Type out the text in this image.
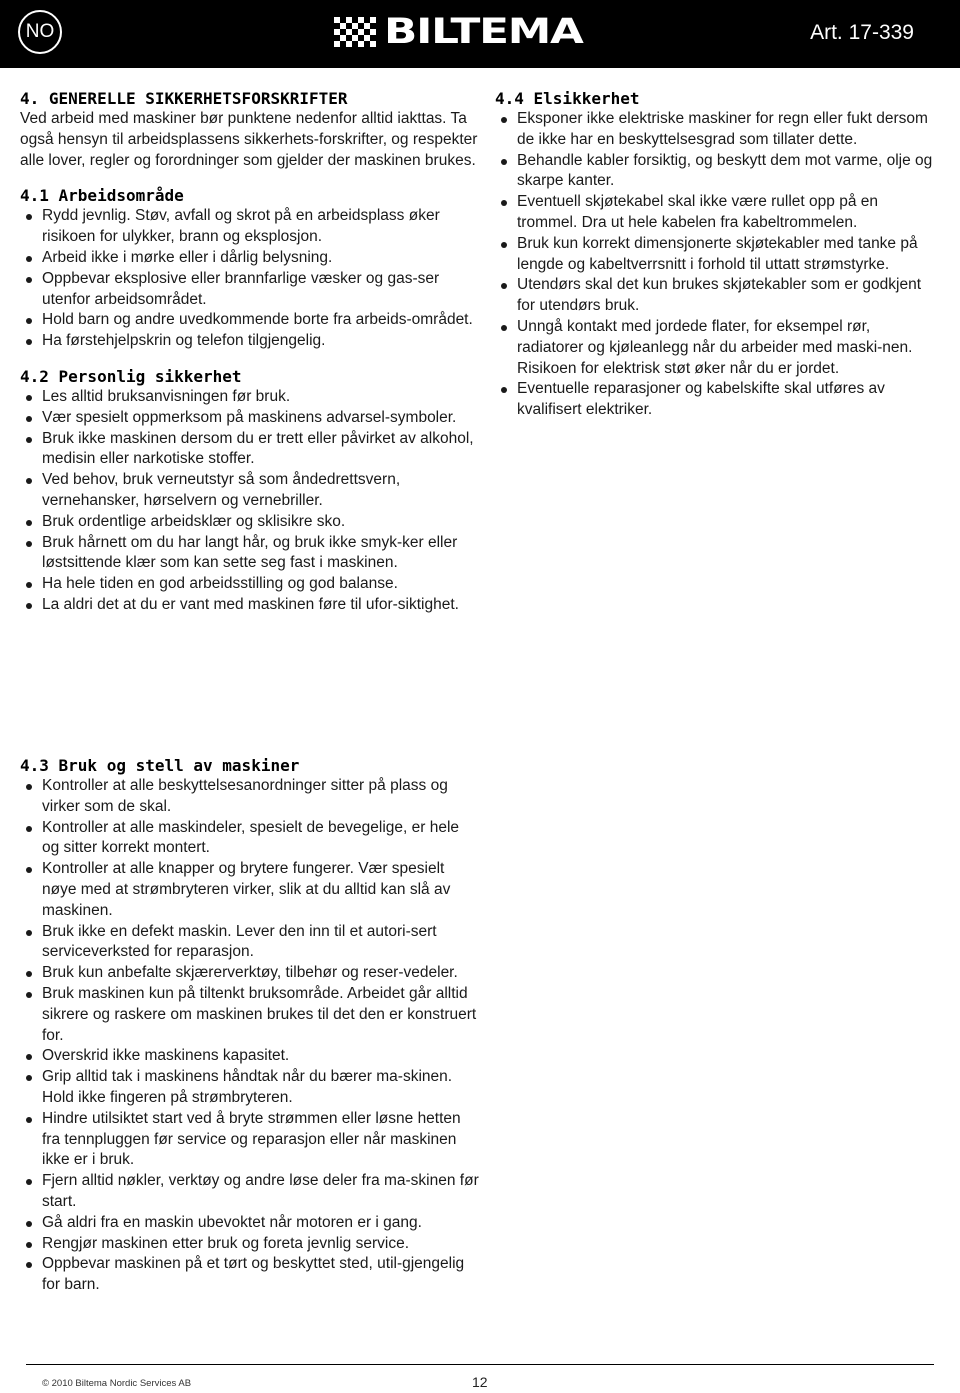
NO	BILTEMA	Art. 17-339
4. GENERELLE SIKKERHETSFORSKRIFTER

Ved arbeid med maskiner bør punktene nedenfor alltid iakttas. Ta også hensyn til arbeidsplassens sikkerhets-forskrifter, og respekter alle lover, regler og forordninger som gjelder der maskinen brukes.

4.1 Arbeidsområde
Rydd jevnlig. Støv, avfall og skrot på en arbeidsplass øker risikoen for ulykker, brann og eksplosjon.
Arbeid ikke i mørke eller i dårlig belysning.
Oppbevar eksplosive eller brannfarlige væsker og gas-ser utenfor arbeidsområdet.
Hold barn og andre uvedkommende borte fra arbeids-området.
Ha førstehjelpskrin og telefon tilgjengelig.
4.2 Personlig sikkerhet
Les alltid bruksanvisningen før bruk.
Vær spesielt oppmerksom på maskinens advarsel-symboler.
Bruk ikke maskinen dersom du er trett eller påvirket av alkohol, medisin eller narkotiske stoffer.
Ved behov, bruk verneutstyr så som åndedrettsvern, vernehansker, hørselvern og vernebriller.
Bruk ordentlige arbeidsklær og sklisikre sko.
Bruk hårnett om du har langt hår, og bruk ikke smyk-ker eller løstsittende klær som kan sette seg fast i maskinen.
Ha hele tiden en god arbeidsstilling og god balanse.
La aldri det at du er vant med maskinen føre til ufor-siktighet.
4.4 Elsikkerhet
Eksponer ikke elektriske maskiner for regn eller fukt dersom de ikke har en beskyttelsesgrad som tillater dette.
Behandle kabler forsiktig, og beskytt dem mot varme, olje og skarpe kanter.
Eventuell skjøtekabel skal ikke være rullet opp på en trommel. Dra ut hele kabelen fra kabeltrommelen.
Bruk kun korrekt dimensjonerte skjøtekabler med tanke på lengde og kabeltverrsnitt i forhold til uttatt strømstyrke.
Utendørs skal det kun brukes skjøtekabler som er godkjent for utendørs bruk.
Unngå kontakt med jordede flater, for eksempel rør, radiatorer og kjøleanlegg når du arbeider med maski-nen. Risikoen for elektrisk støt øker når du er jordet.
Eventuelle reparasjoner og kabelskifte skal utføres av kvalifisert elektriker.
4.3 Bruk og stell av maskiner
Kontroller at alle beskyttelsesanordninger sitter på plass og virker som de skal.
Kontroller at alle maskindeler, spesielt de bevegelige, er hele og sitter korrekt montert.
Kontroller at alle knapper og brytere fungerer. Vær spesielt nøye med at strømbryteren virker, slik at du alltid kan slå av maskinen.
Bruk ikke en defekt maskin. Lever den inn til et autori-sert serviceverksted for reparasjon.
Bruk kun anbefalte skjærerverktøy, tilbehør og reser-vedeler.
Bruk maskinen kun på tiltenkt bruksområde. Arbeidet går alltid sikrere og raskere om maskinen brukes til det den er konstruert for.
Overskrid ikke maskinens kapasitet.
Grip alltid tak i maskinens håndtak når du bærer ma-skinen. Hold ikke fingeren på strømbryteren.
Hindre utilsiktet start ved å bryte strømmen eller løsne hetten fra tennpluggen før service og reparasjon eller når maskinen ikke er i bruk.
Fjern alltid nøkler, verktøy og andre løse deler fra ma-skinen før start.
Gå aldri fra en maskin ubevoktet når motoren er i gang.
Rengjør maskinen etter bruk og foreta jevnlig service.
Oppbevar maskinen på et tørt og beskyttet sted, util-gjengelig for barn.
© 2010 Biltema Nordic Services AB	12
